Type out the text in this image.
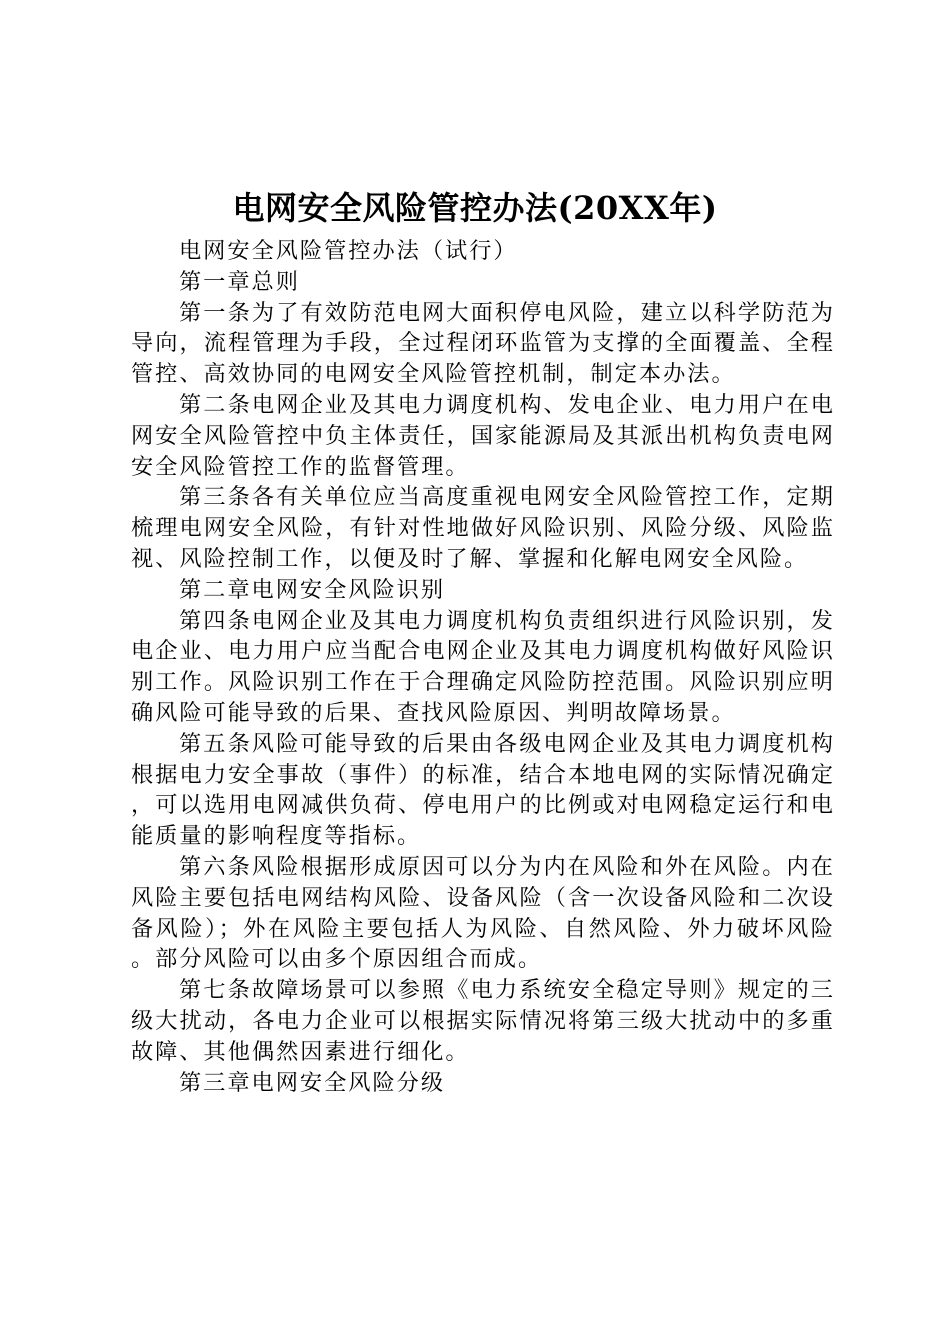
电网安全风险管控办法(20XX年)

电网安全风险管控办法（试行）

第一章总则

第一条为了有效防范电网大面积停电风险，建立以科学防范为导向，流程管理为手段，全过程闭环监管为支撑的全面覆盖、全程管控、高效协同的电网安全风险管控机制，制定本办法。

第二条电网企业及其电力调度机构、发电企业、电力用户在电网安全风险管控中负主体责任，国家能源局及其派出机构负责电网安全风险管控工作的监督管理。

第三条各有关单位应当高度重视电网安全风险管控工作，定期梳理电网安全风险，有针对性地做好风险识别、风险分级、风险监视、风险控制工作，以便及时了解、掌握和化解电网安全风险。

第二章电网安全风险识别

第四条电网企业及其电力调度机构负责组织进行风险识别，发电企业、电力用户应当配合电网企业及其电力调度机构做好风险识别工作。风险识别工作在于合理确定风险防控范围。风险识别应明确风险可能导致的后果、查找风险原因、判明故障场景。

第五条风险可能导致的后果由各级电网企业及其电力调度机构根据电力安全事故（事件）的标准，结合本地电网的实际情况确定，可以选用电网减供负荷、停电用户的比例或对电网稳定运行和电能质量的影响程度等指标。

第六条风险根据形成原因可以分为内在风险和外在风险。内在风险主要包括电网结构风险、设备风险（含一次设备风险和二次设备风险）；外在风险主要包括人为风险、自然风险、外力破坏风险。部分风险可以由多个原因组合而成。

第七条故障场景可以参照《电力系统安全稳定导则》规定的三级大扰动，各电力企业可以根据实际情况将第三级大扰动中的多重故障、其他偶然因素进行细化。

第三章电网安全风险分级
